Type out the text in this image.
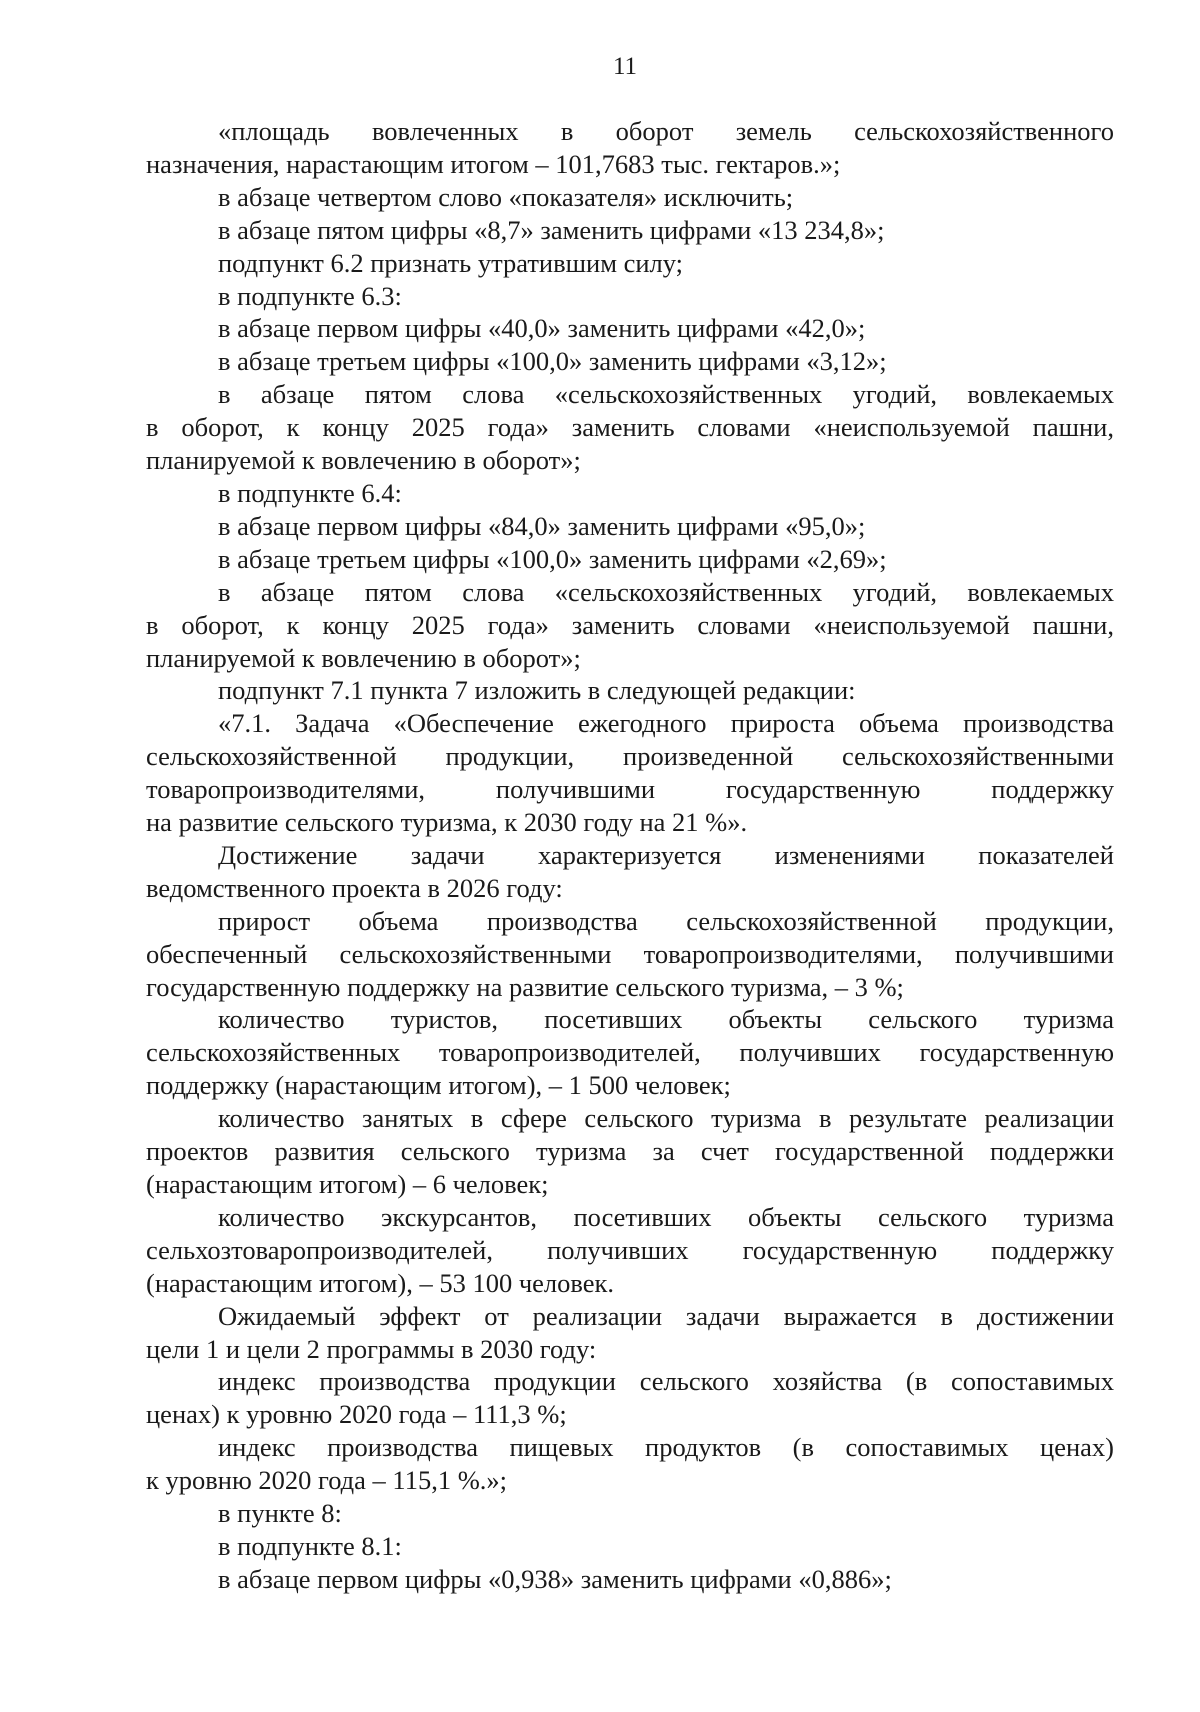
11
«площадь вовлеченных в оборот земель сельскохозяйственного
назначения, нарастающим итогом – 101,7683 тыс. гектаров.»;
в абзаце четвертом слово «показателя» исключить;
в абзаце пятом цифры «8,7» заменить цифрами «13 234,8»;
подпункт 6.2 признать утратившим силу;
в подпункте 6.3:
в абзаце первом цифры «40,0» заменить цифрами «42,0»;
в абзаце третьем цифры «100,0» заменить цифрами «3,12»;
в абзаце пятом слова «сельскохозяйственных угодий, вовлекаемых
в оборот, к концу 2025 года» заменить словами «неиспользуемой пашни,
планируемой к вовлечению в оборот»;
в подпункте 6.4:
в абзаце первом цифры «84,0» заменить цифрами «95,0»;
в абзаце третьем цифры «100,0» заменить цифрами «2,69»;
в абзаце пятом слова «сельскохозяйственных угодий, вовлекаемых
в оборот, к концу 2025 года» заменить словами «неиспользуемой пашни,
планируемой к вовлечению в оборот»;
подпункт 7.1 пункта 7 изложить в следующей редакции:
«7.1. Задача «Обеспечение ежегодного прироста объема производства
сельскохозяйственной продукции, произведенной сельскохозяйственными
товаропроизводителями, получившими государственную поддержку
на развитие сельского туризма, к 2030 году на 21 %».
Достижение задачи характеризуется изменениями показателей
ведомственного проекта в 2026 году:
прирост объема производства сельскохозяйственной продукции,
обеспеченный сельскохозяйственными товаропроизводителями, получившими
государственную поддержку на развитие сельского туризма, – 3 %;
количество туристов, посетивших объекты сельского туризма
сельскохозяйственных товаропроизводителей, получивших государственную
поддержку (нарастающим итогом), – 1 500 человек;
количество занятых в сфере сельского туризма в результате реализации
проектов развития сельского туризма за счет государственной поддержки
(нарастающим итогом) – 6 человек;
количество экскурсантов, посетивших объекты сельского туризма
сельхозтоваропроизводителей, получивших государственную поддержку
(нарастающим итогом), – 53 100 человек.
Ожидаемый эффект от реализации задачи выражается в достижении
цели 1 и цели 2 программы в 2030 году:
индекс производства продукции сельского хозяйства (в сопоставимых
ценах) к уровню 2020 года – 111,3 %;
индекс производства пищевых продуктов (в сопоставимых ценах)
к уровню 2020 года – 115,1 %.»;
в пункте 8:
в подпункте 8.1:
в абзаце первом цифры «0,938» заменить цифрами «0,886»;
